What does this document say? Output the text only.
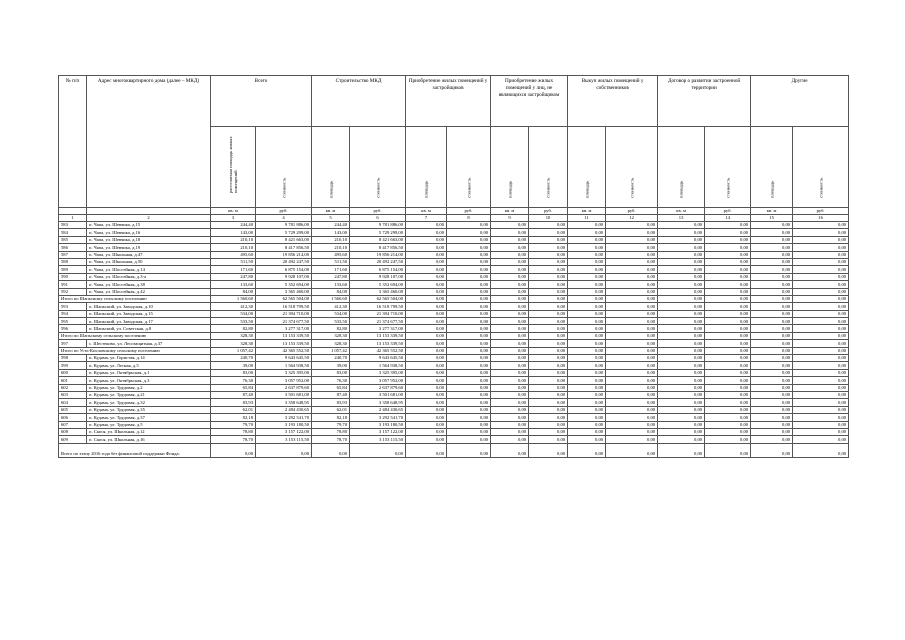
№ п/п	Адрес многоквартирного дома (далее – МКД)	Всего		Строительство МКД		Приобретение жилых помещений у застройщиков		Приобретение жилых помещений у лиц, не являющихся застройщиком		Выкуп жилых помещений у собственников		Договор о развитии застроенной территории		Другие	

		расселяемая площадь жилых помещений	стоимость	площадь	стоимость	площадь	стоимость	площадь	стоимость	площадь	стоимость	площадь	стоимость	площадь	стоимость

		кв. м	руб.	кв. м	руб.	кв. м	руб.	кв. м	руб.	кв. м	руб.	кв. м	руб.	кв. м	руб.
1	2	3	4	5	6	7	8	9	10	11	12	13	14	15	16
583	п. Чапа, ул. Шевчика, д.15	244,40	9 781 886,00	244,40	9 781 886,00	0,00	0,00	0,00	0,00	0,00	0,00	0,00	0,00	0,00	0,00
584	п. Чапа, ул. Шевчика, д.16	143,00	5 729 299,00	143,00	5 729 299,00	0,00	0,00	0,00	0,00	0,00	0,00	0,00	0,00	0,00	0,00
585	п. Чапа, ул. Шевчика, д.18	210,10	8 421 663,00	210,10	8 421 663,00	0,00	0,00	0,00	0,00	0,00	0,00	0,00	0,00	0,00	0,00
586	п. Чапа, ул. Шевчика, д.19	210,10	8 417 856,50	210,10	8 417 856,50	0,00	0,00	0,00	0,00	0,00	0,00	0,00	0,00	0,00	0,00
587	п. Чапа, ул. Школьная, д.47	495,60	19 856 214,00	495,60	19 856 214,00	0,00	0,00	0,00	0,00	0,00	0,00	0,00	0,00	0,00	0,00
588	п. Чапа, ул. Школьная, д.50	511,50	20 492 247,50	511,50	20 492 247,50	0,00	0,00	0,00	0,00	0,00	0,00	0,00	0,00	0,00	0,00
589	п. Чапа, ул. Шоссейная, д.14	171,60	6 875 154,00	171,60	6 875 154,00	0,00	0,00	0,00	0,00	0,00	0,00	0,00	0,00	0,00	0,00
590	п. Чапа, ул. Шоссейная, д.3-а	247,80	9 928 107,00	247,80	9 928 107,00	0,00	0,00	0,00	0,00	0,00	0,00	0,00	0,00	0,00	0,00
591	п. Чапа, ул. Шоссейная, д.38	133,60	5 352 694,00	133,60	5 352 694,00	0,00	0,00	0,00	0,00	0,00	0,00	0,00	0,00	0,00	0,00
592	п. Чапа, ул. Шоссейная, д.42	84,00	3 365 460,00	84,00	3 365 460,00	0,00	0,00	0,00	0,00	0,00	0,00	0,00	0,00	0,00	0,00
Итого по Шапьсиому сельскому поселению		1 560,60	62 565 504,00	1 560,60	62 565 504,00	0,00	0,00	0,00	0,00	0,00	0,00	0,00	0,00	0,00	0,00
593	п. Шапьский, ул. Заводская, д.10	412,30	16 518 799,50	412,30	16 518 799,50	0,00	0,00	0,00	0,00	0,00	0,00	0,00	0,00	0,00	0,00
594	п. Шапьский, ул. Заводская, д.15	534,00	21 394 710,00	534,00	21 394 710,00	0,00	0,00	0,00	0,00	0,00	0,00	0,00	0,00	0,00	0,00
595	п. Шапьский, ул. Заводская, д.17	533,50	21 374 677,50	533,50	21 374 677,50	0,00	0,00	0,00	0,00	0,00	0,00	0,00	0,00	0,00	0,00
596	п. Шапьский, ул. Советская, д.8	82,80	3 277 317,00	82,80	3 277 317,00	0,00	0,00	0,00	0,00	0,00	0,00	0,00	0,00	0,00	0,00
Итого по Шапьскому сельскому поселению		328,30	13 153 339,50	328,30	13 153 339,50	0,00	0,00	0,00	0,00	0,00	0,00	0,00	0,00	0,00	0,00
597	с. Шестеково, ул. Лесозащитная, д.37	328,30	13 153 339,50	328,30	13 153 339,50	0,00	0,00	0,00	0,00	0,00	0,00	0,00	0,00	0,00	0,00
Итого по Усть-Кисловскому сельскому поселению		1 057,42	42 365 552,50	1 057,42	42 365 552,50	0,00	0,00	0,00	0,00	0,00	0,00	0,00	0,00	0,00	0,00
598	п. Кудама, ул. Гористая, д.14	240,70	9 643 645,50	240,70	9 643 645,50	0,00	0,00	0,00	0,00	0,00	0,00	0,00	0,00	0,00	0,00
599	п. Кудама, ул. Лесная, д.5	39,00	1 564 938,50	39,00	1 564 938,50	0,00	0,00	0,00	0,00	0,00	0,00	0,00	0,00	0,00	0,00
600	п. Кудама, ул. Октябрьская, д.1	83,00	3 325 395,00	83,00	3 325 395,00	0,00	0,00	0,00	0,00	0,00	0,00	0,00	0,00	0,00	0,00
601	п. Кудама, ул. Октябрьская, д.3	76,30	3 057 952,00	76,30	3 057 952,00	0,00	0,00	0,00	0,00	0,00	0,00	0,00	0,00	0,00	0,00
602	п. Кудама, ул. Трудовая, д.2	65,84	2 637 879,60	65,84	2 637 879,60	0,00	0,00	0,00	0,00	0,00	0,00	0,00	0,00	0,00	0,00
603	п. Кудама, ул. Трудовая, д.21	87,40	3 501 681,00	87,40	3 501 681,00	0,00	0,00	0,00	0,00	0,00	0,00	0,00	0,00	0,00	0,00
604	п. Кудама, ул. Трудовая, д.32	83,93	3 358 648,95	83,93	3 358 648,95	0,00	0,00	0,00	0,00	0,00	0,00	0,00	0,00	0,00	0,00
605	п. Кудама, ул. Трудовая, д.35	62,01	2 484 430,65	62,01	2 484 430,65	0,00	0,00	0,00	0,00	0,00	0,00	0,00	0,00	0,00	0,00
606	п. Кудама, ул. Трудовая, д.37	82,18	3 292 541,70	82,18	3 292 541,70	0,00	0,00	0,00	0,00	0,00	0,00	0,00	0,00	0,00	0,00
607	п. Кудама, ул. Трудовая, д.5	79,70	3 193 180,50	79,70	3 193 180,50	0,00	0,00	0,00	0,00	0,00	0,00	0,00	0,00	0,00	0,00
608	п. Скося, ул. Школьная, д.12	78,80	3 157 122,00	78,80	3 157 122,00	0,00	0,00	0,00	0,00	0,00	0,00	0,00	0,00	0,00	0,00
609	п. Скося, ул. Школьная, д.16	78,70	3 153 115,50	78,70	3 153 115,50	0,00	0,00	0,00	0,00	0,00	0,00	0,00	0,00	0,00	0,00
Всего по этапу 2016 года без финансовой поддержки Фонда:		0,00	0,00	0,00	0,00	0,00	0,00	0,00	0,00	0,00	0,00	0,00	0,00	0,00	0,00
